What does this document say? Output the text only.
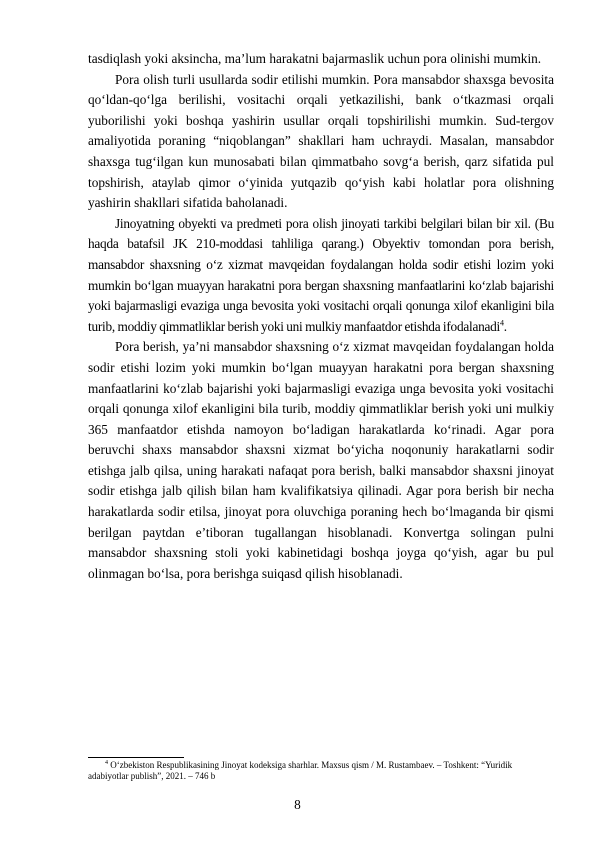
tasdiqlash yoki aksincha, ma’lum harakatni bajarmaslik uchun pora olinishi mumkin.

Pora olish turli usullarda sodir etilishi mumkin. Pora mansabdor shaxsga bevosita qo‘ldan-qo‘lga berilishi, vositachi orqali yetkazilishi, bank o‘tkazmasi orqali yuborilishi yoki boshqa yashirin usullar orqali topshirilishi mumkin. Sud-tergov amaliyotida poraning “niqoblangan” shakllari ham uchraydi. Masalan, mansabdor shaxsga tug‘ilgan kun munosabati bilan qimmatbaho sovg‘a berish, qarz sifatida pul topshirish, ataylab qimor o‘yinida yutqazib qo‘yish kabi holatlar pora olishning yashirin shakllari sifatida baholanadi.

Jinoyatning obyekti va predmeti pora olish jinoyati tarkibi belgilari bilan bir xil. (Bu haqda batafsil JK 210-moddasi tahliliga qarang.) Obyektiv tomondan pora berish, mansabdor shaxsning o‘z xizmat mavqeidan foydalangan holda sodir etishi lozim yoki mumkin bo‘lgan muayyan harakatni pora bergan shaxsning manfaatlarini ko‘zlab bajarishi yoki bajarmasligi evaziga unga bevosita yoki vositachi orqali qonunga xilof ekanligini bila turib, moddiy qimmatliklar berish yoki uni mulkiy manfaatdor etishda ifodalanadi$^4$.

Pora berish, ya’ni mansabdor shaxsning o‘z xizmat mavqeidan foydalangan holda sodir etishi lozim yoki mumkin bo‘lgan muayyan harakatni pora bergan shaxsning manfaatlarini ko‘zlab bajarishi yoki bajarmasligi evaziga unga bevosita yoki vositachi orqali qonunga xilof ekanligini bila turib, moddiy qimmatliklar berish yoki uni mulkiy 365 manfaatdor etishda namoyon bo‘ladigan harakatlarda ko‘rinadi. Agar pora beruvchi shaxs mansabdor shaxsni xizmat bo‘yicha noqonuniy harakatlarni sodir etishga jalb qilsa, uning harakati nafaqat pora berish, balki mansabdor shaxsni jinoyat sodir etishga jalb qilish bilan ham kvalifikatsiya qilinadi. Agar pora berish bir necha harakatlarda sodir etilsa, jinoyat pora oluvchiga poraning hech bo‘lmaganda bir qismi berilgan paytdan e’tiboran tugallangan hisoblanadi. Konvertga solingan pulni mansabdor shaxsning stoli yoki kabinetidagi boshqa joyga qo‘yish, agar bu pul olinmagan bo‘lsa, pora berishga suiqasd qilish hisoblanadi.

$^4$ O‘zbekiston Respublikasining Jinoyat kodeksiga sharhlar. Maxsus qism / M. Rustambaev. – Toshkent: “Yuridik adabiyotlar publish”, 2021. – 746 b

8
